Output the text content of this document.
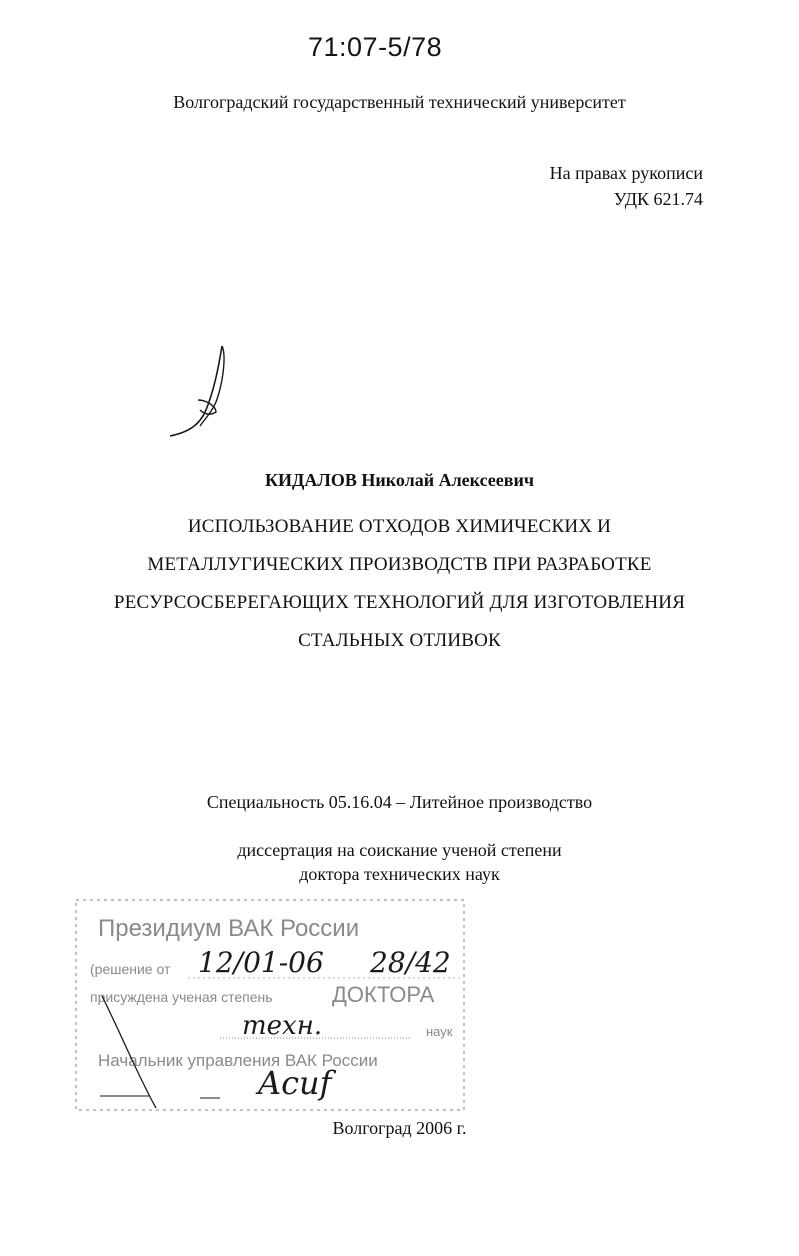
71:07-5/78
Волгоградский государственный технический университет
На правах рукописи
УДК 621.74
КИДАЛОВ Николай Алексеевич
ИСПОЛЬЗОВАНИЕ ОТХОДОВ ХИМИЧЕСКИХ И
МЕТАЛЛУГИЧЕСКИХ ПРОИЗВОДСТВ ПРИ РАЗРАБОТКЕ
РЕСУРСОСБЕРЕГАЮЩИХ ТЕХНОЛОГИЙ ДЛЯ ИЗГОТОВЛЕНИЯ
СТАЛЬНЫХ ОТЛИВОК
Специальность 05.16.04 – Литейное производство
диссертация на соискание ученой степени
доктора технических наук
Президиум ВАК России
(решение от 12/01-06 28/42
присуждена ученая степень	ДОКТОРА
техн.	наук
Начальник управления ВАК России
Acuf
Волгоград 2006 г.
